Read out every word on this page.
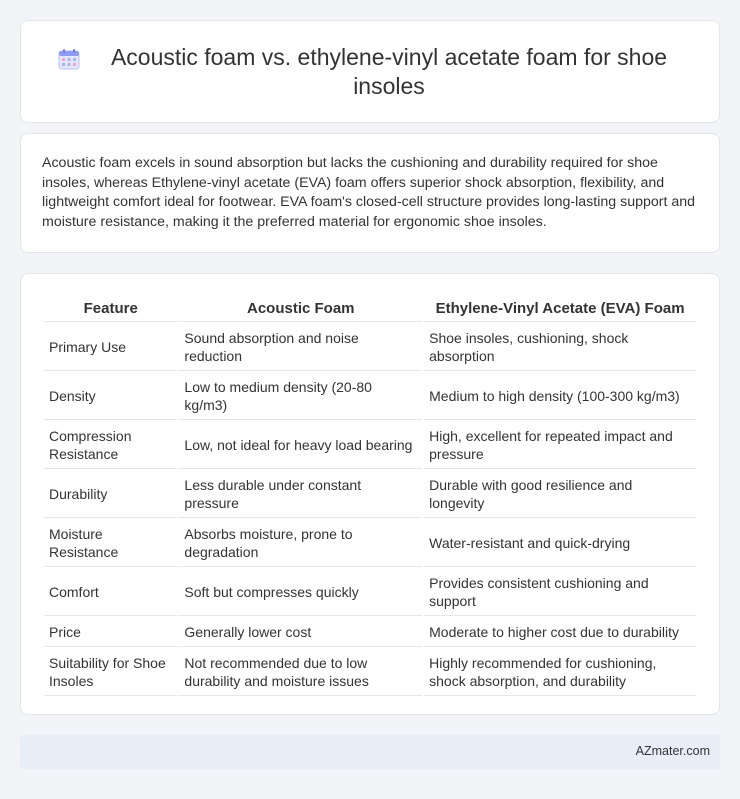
Acoustic foam vs. ethylene-vinyl acetate foam for shoe insoles

Acoustic foam excels in sound absorption but lacks the cushioning and durability required for shoe insoles, whereas Ethylene-vinyl acetate (EVA) foam offers superior shock absorption, flexibility, and lightweight comfort ideal for footwear. EVA foam's closed-cell structure provides long-lasting support and moisture resistance, making it the preferred material for ergonomic shoe insoles.

Feature	Acoustic Foam	Ethylene-Vinyl Acetate (EVA) Foam
Primary Use	Sound absorption and noise reduction	Shoe insoles, cushioning, shock absorption
Density	Low to medium density (20-80 kg/m3)	Medium to high density (100-300 kg/m3)
Compression Resistance	Low, not ideal for heavy load bearing	High, excellent for repeated impact and pressure
Durability	Less durable under constant pressure	Durable with good resilience and longevity
Moisture Resistance	Absorbs moisture, prone to degradation	Water-resistant and quick-drying
Comfort	Soft but compresses quickly	Provides consistent cushioning and support
Price	Generally lower cost	Moderate to higher cost due to durability
Suitability for Shoe Insoles	Not recommended due to low durability and moisture issues	Highly recommended for cushioning, shock absorption, and durability
AZmater.com
